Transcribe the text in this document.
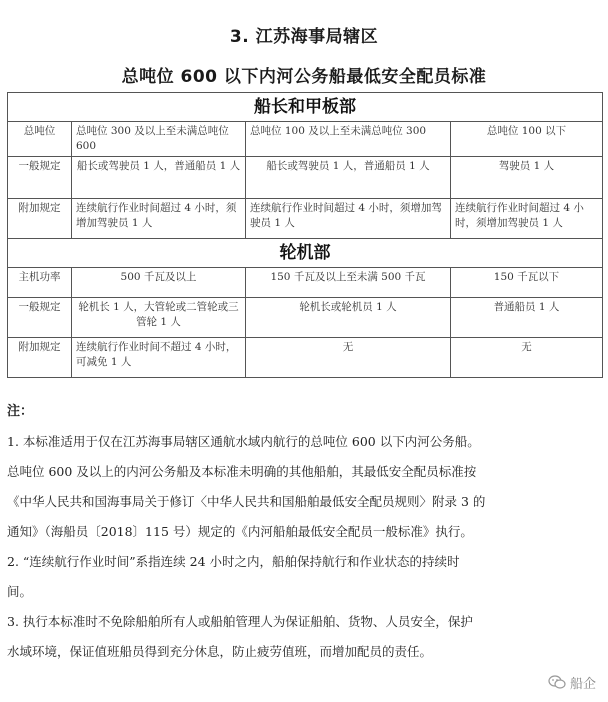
3. 江苏海事局辖区
总吨位 600 以下内河公务船最低安全配员标准
船长和甲板部			
总吨位	总吨位 300 及以上至未满总吨位 600	总吨位 100 及以上至未满总吨位 300	总吨位 100 以下
一般规定	船长或驾驶员 1 人，普通船员 1 人	船长或驾驶员 1 人，普通船员 1 人	驾驶员 1 人
附加规定	连续航行作业时间超过 4 小时，须增加驾驶员 1 人	连续航行作业时间超过 4 小时，须增加驾驶员 1 人	连续航行作业时间超过 4 小时，须增加驾驶员 1 人
轮机部			
主机功率	500 千瓦及以上	150 千瓦及以上至未满 500 千瓦	150 千瓦以下
一般规定	轮机长 1 人，大管轮或二管轮或三管轮 1 人	轮机长或轮机员 1 人	普通船员 1 人
附加规定	连续航行作业时间不超过 4 小时，可减免 1 人	无	无
注：

1. 本标准适用于仅在江苏海事局辖区通航水域内航行的总吨位 600 以下内河公务船。

总吨位 600 及以上的内河公务船及本标准未明确的其他船舶，其最低安全配员标准按

《中华人民共和国海事局关于修订〈中华人民共和国船舶最低安全配员规则〉附录 3 的

通知》（海船员〔2018〕115 号）规定的《内河船舶最低安全配员一般标准》执行。

2. “连续航行作业时间”系指连续 24 小时之内，船舶保持航行和作业状态的持续时

间。

3. 执行本标准时不免除船舶所有人或船舶管理人为保证船舶、货物、人员安全，保护

水域环境，保证值班船员得到充分休息，防止疲劳值班，而增加配员的责任。

船企
